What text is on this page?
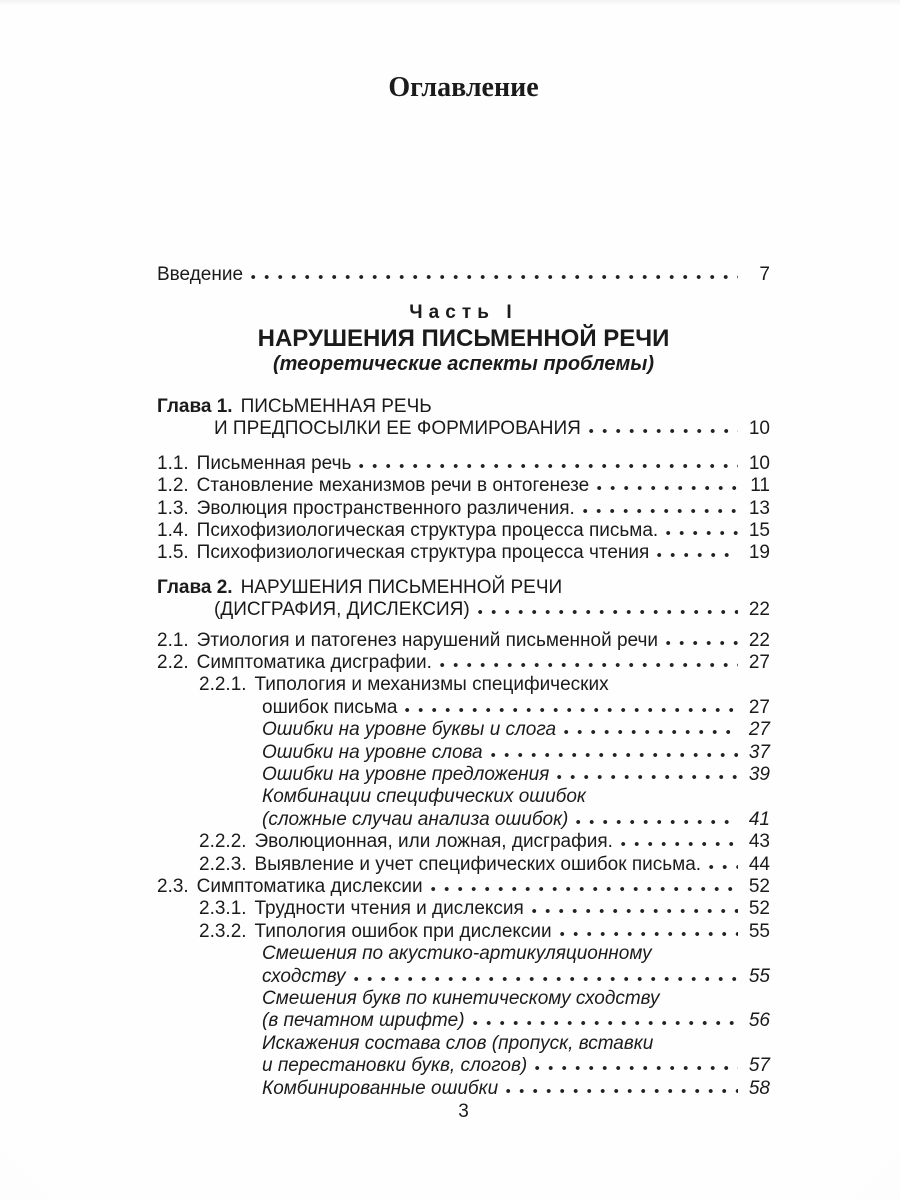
Оглавление
Введение	7
Часть I
НАРУШЕНИЯ ПИСЬМЕННОЙ РЕЧИ
(теоретические аспекты проблемы)
Глава 1. ПИСЬМЕННАЯ РЕЧЬ
И ПРЕДПОСЫЛКИ ЕЕ ФОРМИРОВАНИЯ	10
1.1. Письменная речь	10
1.2. Становление механизмов речи в онтогенезе	11
1.3. Эволюция пространственного различения.	13
1.4. Психофизиологическая структура процесса письма.	15
1.5. Психофизиологическая структура процесса чтения	19
Глава 2. НАРУШЕНИЯ ПИСЬМЕННОЙ РЕЧИ
(ДИСГРАФИЯ, ДИСЛЕКСИЯ)	22
2.1. Этиология и патогенез нарушений письменной речи	22
2.2. Симптоматика дисграфии.	27
2.2.1. Типология и механизмы специфических
ошибок письма	27
Ошибки на уровне буквы и слога	27
Ошибки на уровне слова	37
Ошибки на уровне предложения	39
Комбинации специфических ошибок
(сложные случаи анализа ошибок)	41
2.2.2. Эволюционная, или ложная, дисграфия.	43
2.2.3. Выявление и учет специфических ошибок письма.	44
2.3. Симптоматика дислексии	52
2.3.1. Трудности чтения и дислексия	52
2.3.2. Типология ошибок при дислексии	55
Смешения по акустико-артикуляционному
сходству	55
Смешения букв по кинетическому сходству
(в печатном шрифте)	56
Искажения состава слов (пропуск, вставки
и перестановки букв, слогов)	57
Комбинированные ошибки	58
3
